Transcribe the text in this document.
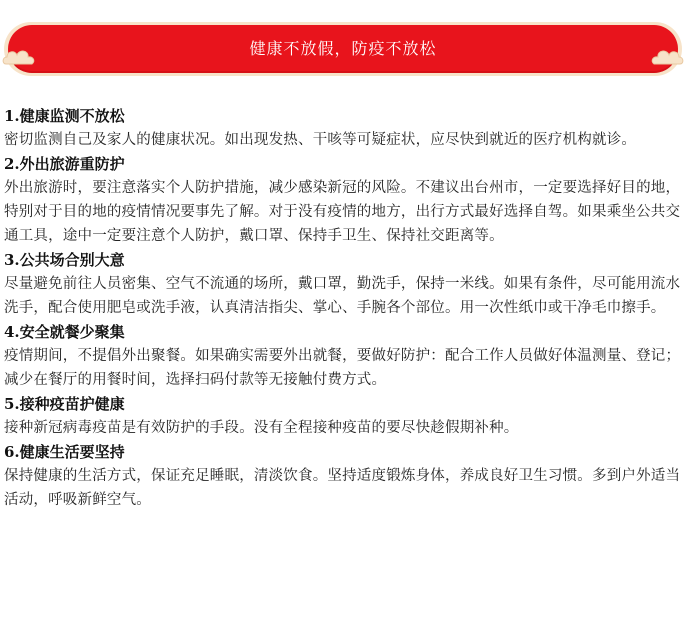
健康不放假，防疫不放松

1.健康监测不放松

密切监测自己及家人的健康状况。如出现发热、干咳等可疑症状，应尽快到就近的医疗机构就诊。

2.外出旅游重防护

外出旅游时，要注意落实个人防护措施，减少感染新冠的风险。不建议出台州市，一定要选择好目的地，特别对于目的地的疫情情况要事先了解。对于没有疫情的地方，出行方式最好选择自驾。如果乘坐公共交通工具，途中一定要注意个人防护，戴口罩、保持手卫生、保持社交距离等。

3.公共场合别大意

尽量避免前往人员密集、空气不流通的场所，戴口罩，勤洗手，保持一米线。如果有条件，尽可能用流水洗手，配合使用肥皂或洗手液，认真清洁指尖、掌心、手腕各个部位。用一次性纸巾或干净毛巾擦手。

4.安全就餐少聚集

疫情期间，不提倡外出聚餐。如果确实需要外出就餐，要做好防护：配合工作人员做好体温测量、登记；减少在餐厅的用餐时间，选择扫码付款等无接触付费方式。

5.接种疫苗护健康

接种新冠病毒疫苗是有效防护的手段。没有全程接种疫苗的要尽快趁假期补种。

6.健康生活要坚持

保持健康的生活方式，保证充足睡眠，清淡饮食。坚持适度锻炼身体，养成良好卫生习惯。多到户外适当活动，呼吸新鲜空气。
